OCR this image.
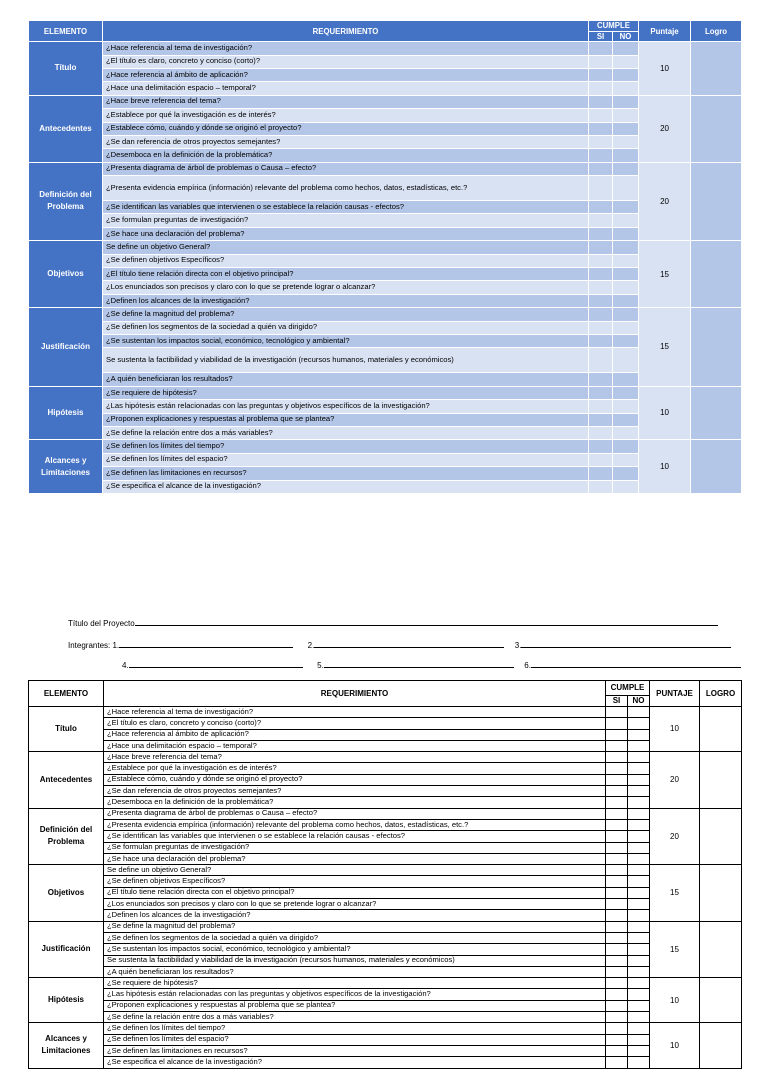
ELEMENTO	REQUERIMIENTO	CUMPLE		Puntaje	Logro
		SI	NO		
Título	¿Hace referencia al tema de investigación?			10	
	¿El título es claro, concreto y conciso (corto)?				
	¿Hace referencia al ámbito de aplicación?				
	¿Hace una delimitación espacio – temporal?				
Antecedentes	¿Hace breve referencia del tema?			20	
	¿Establece por qué la investigación es de interés?				
	¿Establece cómo, cuándo y dónde se originó el proyecto?				
	¿Se dan referencia de otros proyectos semejantes?				
	¿Desemboca en la definición de la problemática?				
Definición del Problema	¿Presenta diagrama de árbol de problemas o Causa – efecto?			20	
	¿Presenta evidencia empírica (información) relevante del problema como hechos, datos, estadísticas, etc.?				
	¿Se identifican las variables que intervienen o se establece la relación causas - efectos?				
	¿Se formulan preguntas de investigación?				
	¿Se hace una declaración del problema?				
Objetivos	Se define un objetivo General?			15	
	¿Se definen objetivos Específicos?				
	¿El título tiene relación directa con el objetivo principal?				
	¿Los enunciados son precisos y claro con lo que se pretende lograr o alcanzar?				
	¿Definen los alcances de la investigación?				
Justificación	¿Se define la magnitud del problema?			15	
	¿Se definen los segmentos de la sociedad a quién va dirigido?				
	¿Se sustentan los impactos social, económico, tecnológico y ambiental?				
	Se sustenta la factibilidad y viabilidad de la investigación (recursos humanos, materiales y económicos)				
	¿A quién beneficiaran los resultados?				
Hipótesis	¿Se requiere de hipótesis?			10	
	¿Las hipótesis están relacionadas con las preguntas y objetivos específicos de la investigación?				
	¿Proponen explicaciones y respuestas al problema que se plantea?				
	¿Se define la relación entre dos a más variables?				
Alcances y Limitaciones	¿Se definen los límites del tiempo?			10	
	¿Se definen los límites del espacio?				
	¿Se definen las limitaciones en recursos?				
	¿Se especifica el alcance de la investigación?				
Título del Proyecto
Integrantes: 1.	2.	3.
4.	5.	6.
ELEMENTO	REQUERIMIENTO	CUMPLE		PUNTAJE	LOGRO
		SI	NO		
Título	¿Hace referencia al tema de investigación?			10	
	¿El título es claro, concreto y conciso (corto)?				
	¿Hace referencia al ámbito de aplicación?				
	¿Hace una delimitación espacio – temporal?				
Antecedentes	¿Hace breve referencia del tema?			20	
	¿Establece por qué la investigación es de interés?				
	¿Establece cómo, cuándo y dónde se originó el proyecto?				
	¿Se dan referencia de otros proyectos semejantes?				
	¿Desemboca en la definición de la problemática?				
Definición del Problema	¿Presenta diagrama de árbol de problemas o Causa – efecto?			20	
	¿Presenta evidencia empírica (información) relevante del problema como hechos, datos, estadísticas, etc.?				
	¿Se identifican las variables que intervienen o se establece la relación causas - efectos?				
	¿Se formulan preguntas de investigación?				
	¿Se hace una declaración del problema?				
Objetivos	Se define un objetivo General?			15	
	¿Se definen objetivos Específicos?				
	¿El título tiene relación directa con el objetivo principal?				
	¿Los enunciados son precisos y claro con lo que se pretende lograr o alcanzar?				
	¿Definen los alcances de la investigación?				
Justificación	¿Se define la magnitud del problema?			15	
	¿Se definen los segmentos de la sociedad a quién va dirigido?				
	¿Se sustentan los impactos social, económico, tecnológico y ambiental?				
	Se sustenta la factibilidad y viabilidad de la investigación (recursos humanos, materiales y económicos)				
	¿A quién beneficiaran los resultados?				
Hipótesis	¿Se requiere de hipótesis?			10	
	¿Las hipótesis están relacionadas con las preguntas y objetivos específicos de la investigación?				
	¿Proponen explicaciones y respuestas al problema que se plantea?				
	¿Se define la relación entre dos a más variables?				
Alcances y Limitaciones	¿Se definen los límites del tiempo?			10	
	¿Se definen los límites del espacio?				
	¿Se definen las limitaciones en recursos?				
	¿Se especifica el alcance de la investigación?				
